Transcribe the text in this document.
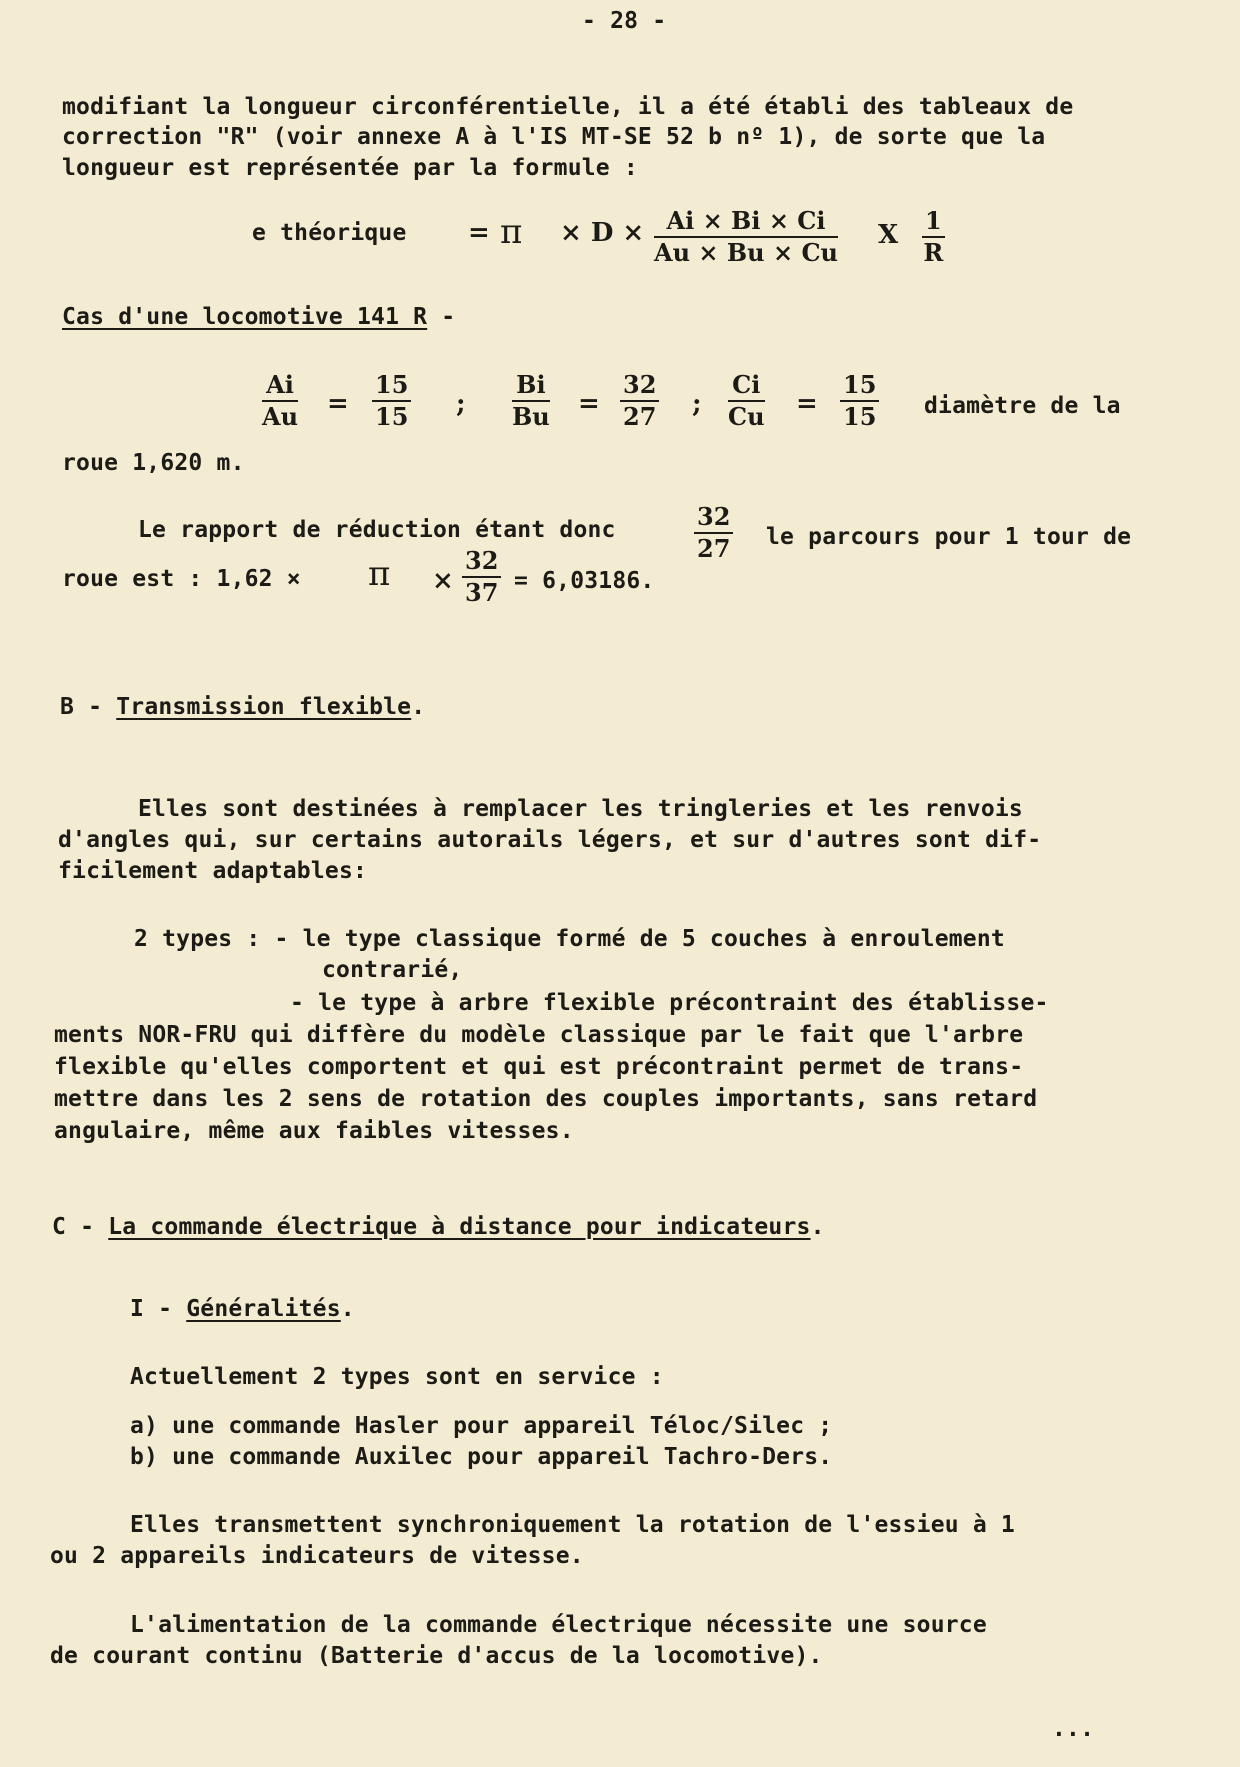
- 28 -
modifiant la longueur circonférentielle, il a été établi des tableaux de
correction "R" (voir annexe A à l'IS MT-SE 52 b nº 1), de sorte que la
longueur est représentée par la formule :
e théorique = $\pi \times D \times \frac{Ai \times Bi \times Ci}{Au \times Bu \times Cu}$ X $\frac{1}{R}$
Cas d'une locomotive 141 R -
$\frac{Ai}{Au} = \frac{15}{15}$ ; $\frac{Bi}{Bu} = \frac{32}{27}$ ; $\frac{Ci}{Cu} = \frac{15}{15}$ diamètre de la
roue 1,620 m.
Le rapport de réduction étant donc	$\frac{32}{27}$ le parcours pour 1 tour de
roue est : $1,62 \times \pi \times \frac{32}{37} = 6,03186$.
B - Transmission flexible.
Elles sont destinées à remplacer les tringleries et les renvois
d'angles qui, sur certains autorails légers, et sur d'autres sont dif-
ficilement adaptables:
2 types : - le type classique formé de 5 couches à enroulement
contrarié,
- le type à arbre flexible précontraint des établisse-
ments NOR-FRU qui diffère du modèle classique par le fait que l'arbre
flexible qu'elles comportent et qui est précontraint permet de trans-
mettre dans les 2 sens de rotation des couples importants, sans retard
angulaire, même aux faibles vitesses.
C - La commande électrique à distance pour indicateurs.
I - Généralités.
Actuellement 2 types sont en service :
a) une commande Hasler pour appareil Téloc/Silec ;
b) une commande Auxilec pour appareil Tachro-Ders.
Elles transmettent synchroniquement la rotation de l'essieu à 1
ou 2 appareils indicateurs de vitesse.
L'alimentation de la commande électrique nécessite une source
de courant continu (Batterie d'accus de la locomotive).
...
